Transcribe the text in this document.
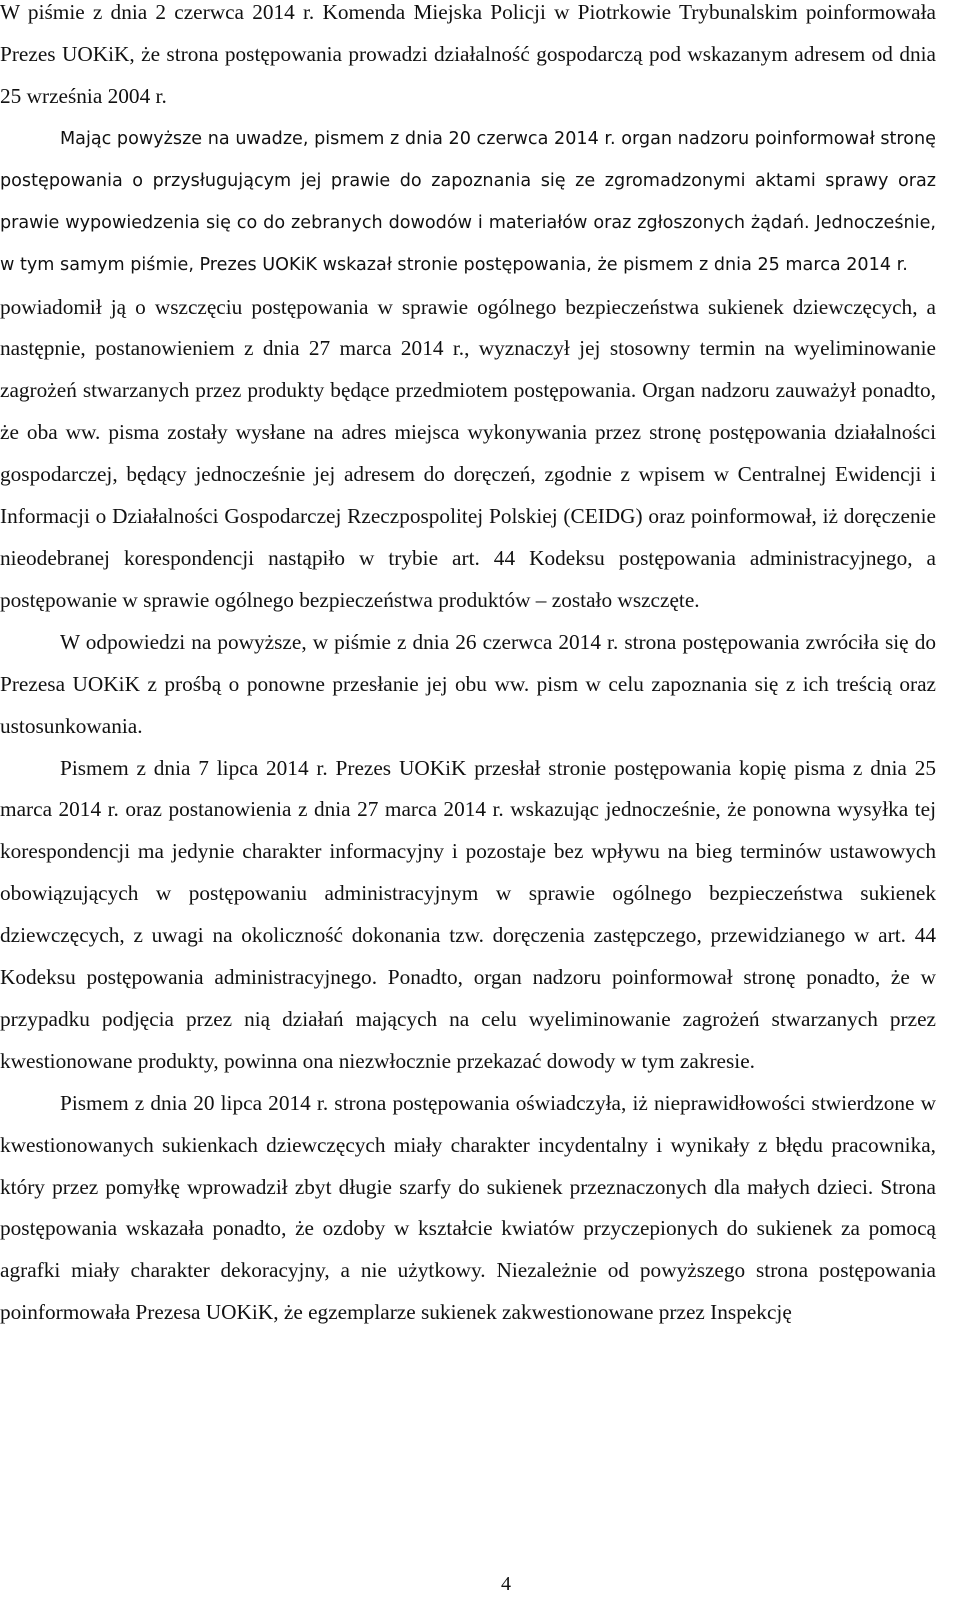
W piśmie z dnia 2 czerwca 2014 r. Komenda Miejska Policji w Piotrkowie Trybunalskim poinformowała Prezes UOKiK, że strona postępowania prowadzi działalność gospodarczą pod wskazanym adresem od dnia 25 września 2004 r.

Mając powyższe na uwadze, pismem z dnia 20 czerwca 2014 r. organ nadzoru poinformował stronę postępowania o przysługującym jej prawie do zapoznania się ze zgromadzonymi aktami sprawy oraz prawie wypowiedzenia się co do zebranych dowodów i materiałów oraz zgłoszonych żądań. Jednocześnie, w tym samym piśmie, Prezes UOKiK wskazał stronie postępowania, że pismem z dnia 25 marca 2014 r.

powiadomił ją o wszczęciu postępowania w sprawie ogólnego bezpieczeństwa sukienek dziewczęcych, a następnie, postanowieniem z dnia 27 marca 2014 r., wyznaczył jej stosowny termin na wyeliminowanie zagrożeń stwarzanych przez produkty będące przedmiotem postępowania. Organ nadzoru zauważył ponadto, że oba ww. pisma zostały wysłane na adres miejsca wykonywania przez stronę postępowania działalności gospodarczej, będący jednocześnie jej adresem do doręczeń, zgodnie z wpisem w Centralnej Ewidencji i Informacji o Działalności Gospodarczej Rzeczpospolitej Polskiej (CEIDG) oraz poinformował, iż doręczenie nieodebranej korespondencji nastąpiło w trybie art. 44 Kodeksu postępowania administracyjnego, a postępowanie w sprawie ogólnego bezpieczeństwa produktów – zostało wszczęte.

W odpowiedzi na powyższe, w piśmie z dnia 26 czerwca 2014 r. strona postępowania zwróciła się do Prezesa UOKiK z prośbą o ponowne przesłanie jej obu ww. pism w celu zapoznania się z ich treścią oraz ustosunkowania.

Pismem z dnia 7 lipca 2014 r. Prezes UOKiK przesłał stronie postępowania kopię pisma z dnia 25 marca 2014 r. oraz postanowienia z dnia 27 marca 2014 r. wskazując jednocześnie, że ponowna wysyłka tej korespondencji ma jedynie charakter informacyjny i pozostaje bez wpływu na bieg terminów ustawowych obowiązujących w postępowaniu administracyjnym w sprawie ogólnego bezpieczeństwa sukienek dziewczęcych, z uwagi na okoliczność dokonania tzw. doręczenia zastępczego, przewidzianego w art. 44 Kodeksu postępowania administracyjnego. Ponadto, organ nadzoru poinformował stronę ponadto, że w przypadku podjęcia przez nią działań mających na celu wyeliminowanie zagrożeń stwarzanych przez kwestionowane produkty, powinna ona niezwłocznie przekazać dowody w tym zakresie.

Pismem z dnia 20 lipca 2014 r. strona postępowania oświadczyła, iż nieprawidłowości stwierdzone w kwestionowanych sukienkach dziewczęcych miały charakter incydentalny i wynikały z błędu pracownika, który przez pomyłkę wprowadził zbyt długie szarfy do sukienek przeznaczonych dla małych dzieci. Strona postępowania wskazała ponadto, że ozdoby w kształcie kwiatów przyczepionych do sukienek za pomocą agrafki miały charakter dekoracyjny, a nie użytkowy. Niezależnie od powyższego strona postępowania poinformowała Prezesa UOKiK, że egzemplarze sukienek zakwestionowane przez Inspekcję

4
